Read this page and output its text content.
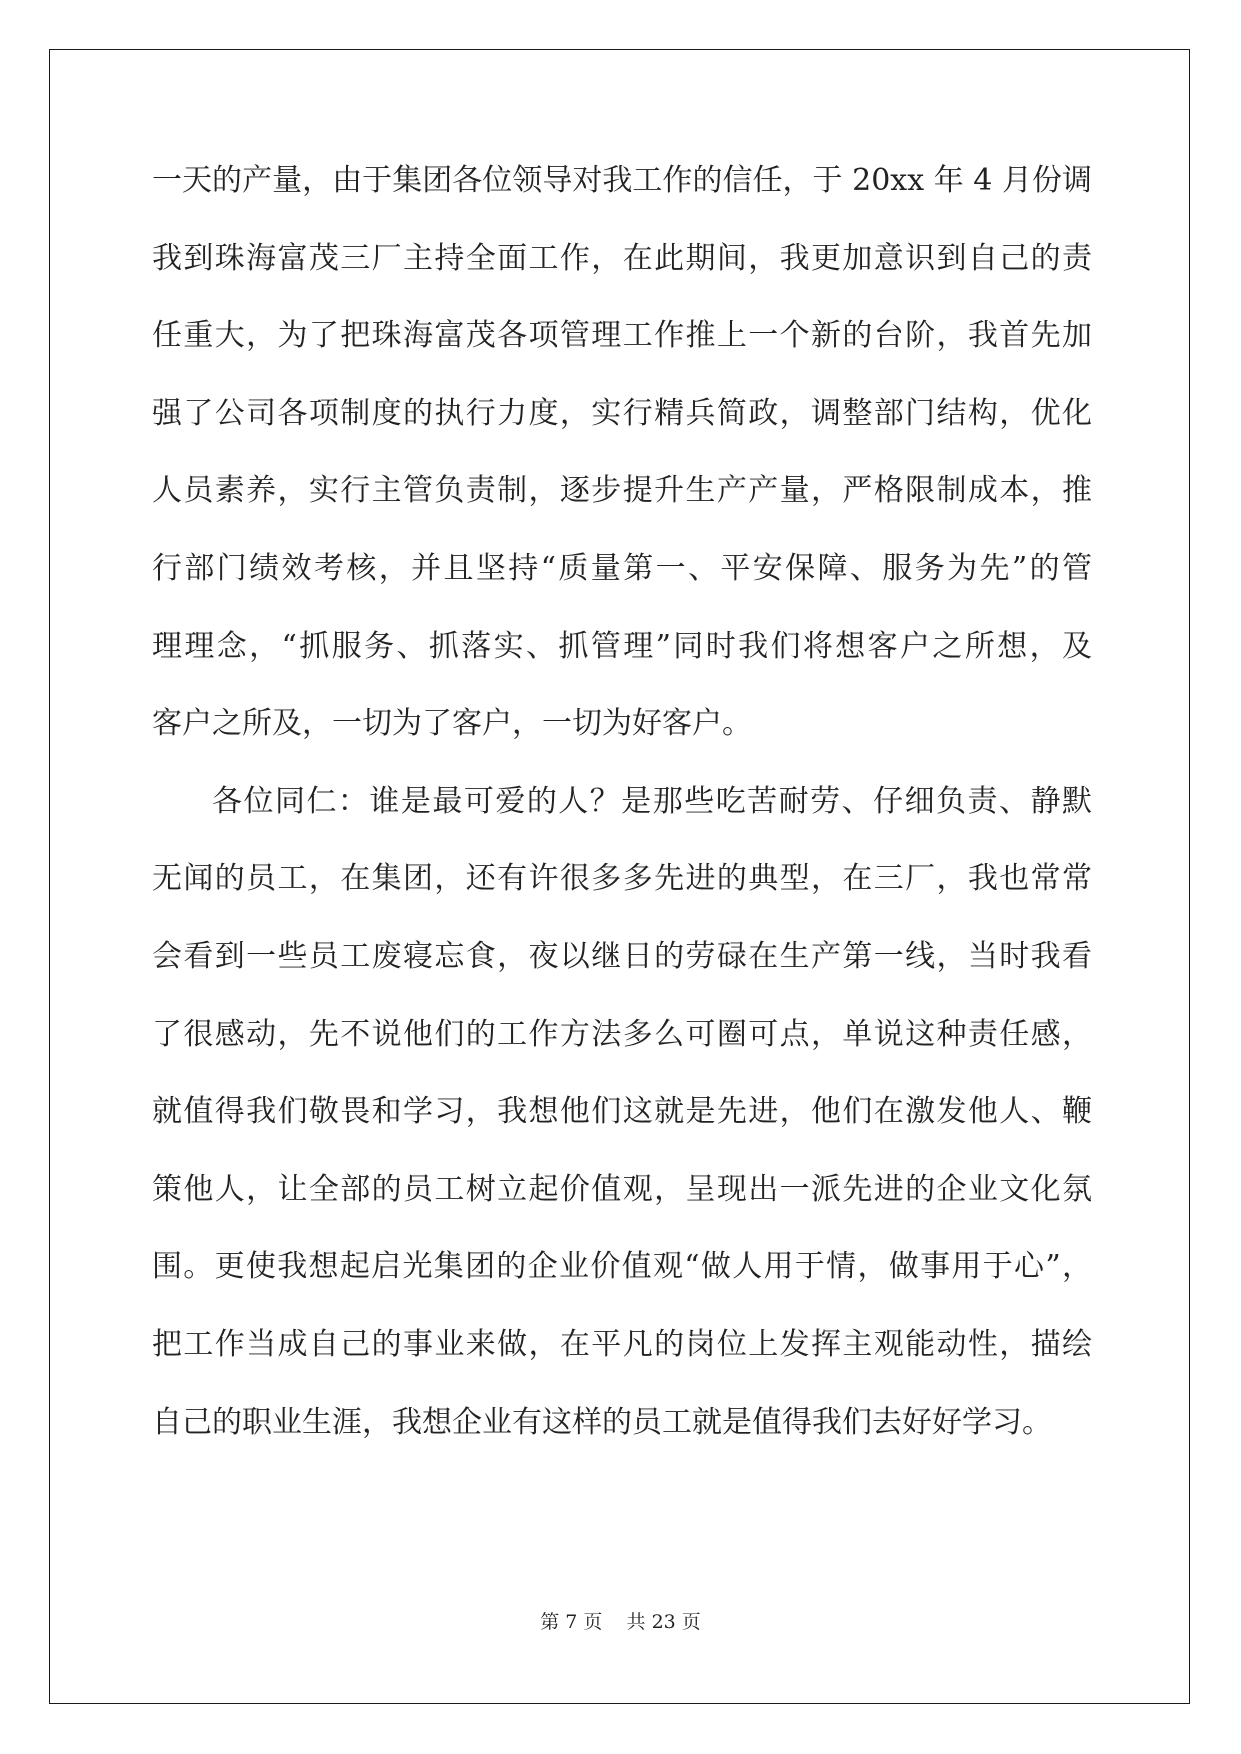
一天的产量，由于集团各位领导对我工作的信任，于 20xx 年 4 月份调
我到珠海富茂三厂主持全面工作，在此期间，我更加意识到自己的责
任重大，为了把珠海富茂各项管理工作推上一个新的台阶，我首先加
强了公司各项制度的执行力度，实行精兵简政，调整部门结构，优化
人员素养，实行主管负责制，逐步提升生产产量，严格限制成本，推
行部门绩效考核，并且坚持“质量第一、平安保障、服务为先”的管
理理念，“抓服务、抓落实、抓管理”同时我们将想客户之所想，及
客户之所及，一切为了客户，一切为好客户。
各位同仁：谁是最可爱的人？是那些吃苦耐劳、仔细负责、静默
无闻的员工，在集团，还有许很多多先进的典型，在三厂，我也常常
会看到一些员工废寝忘食，夜以继日的劳碌在生产第一线，当时我看
了很感动，先不说他们的工作方法多么可圈可点，单说这种责任感，
就值得我们敬畏和学习，我想他们这就是先进，他们在激发他人、鞭
策他人，让全部的员工树立起价值观，呈现出一派先进的企业文化氛
围。更使我想起启光集团的企业价值观“做人用于情，做事用于心”，
把工作当成自己的事业来做，在平凡的岗位上发挥主观能动性，描绘
自己的职业生涯，我想企业有这样的员工就是值得我们去好好学习。
第 7 页 共 23 页
